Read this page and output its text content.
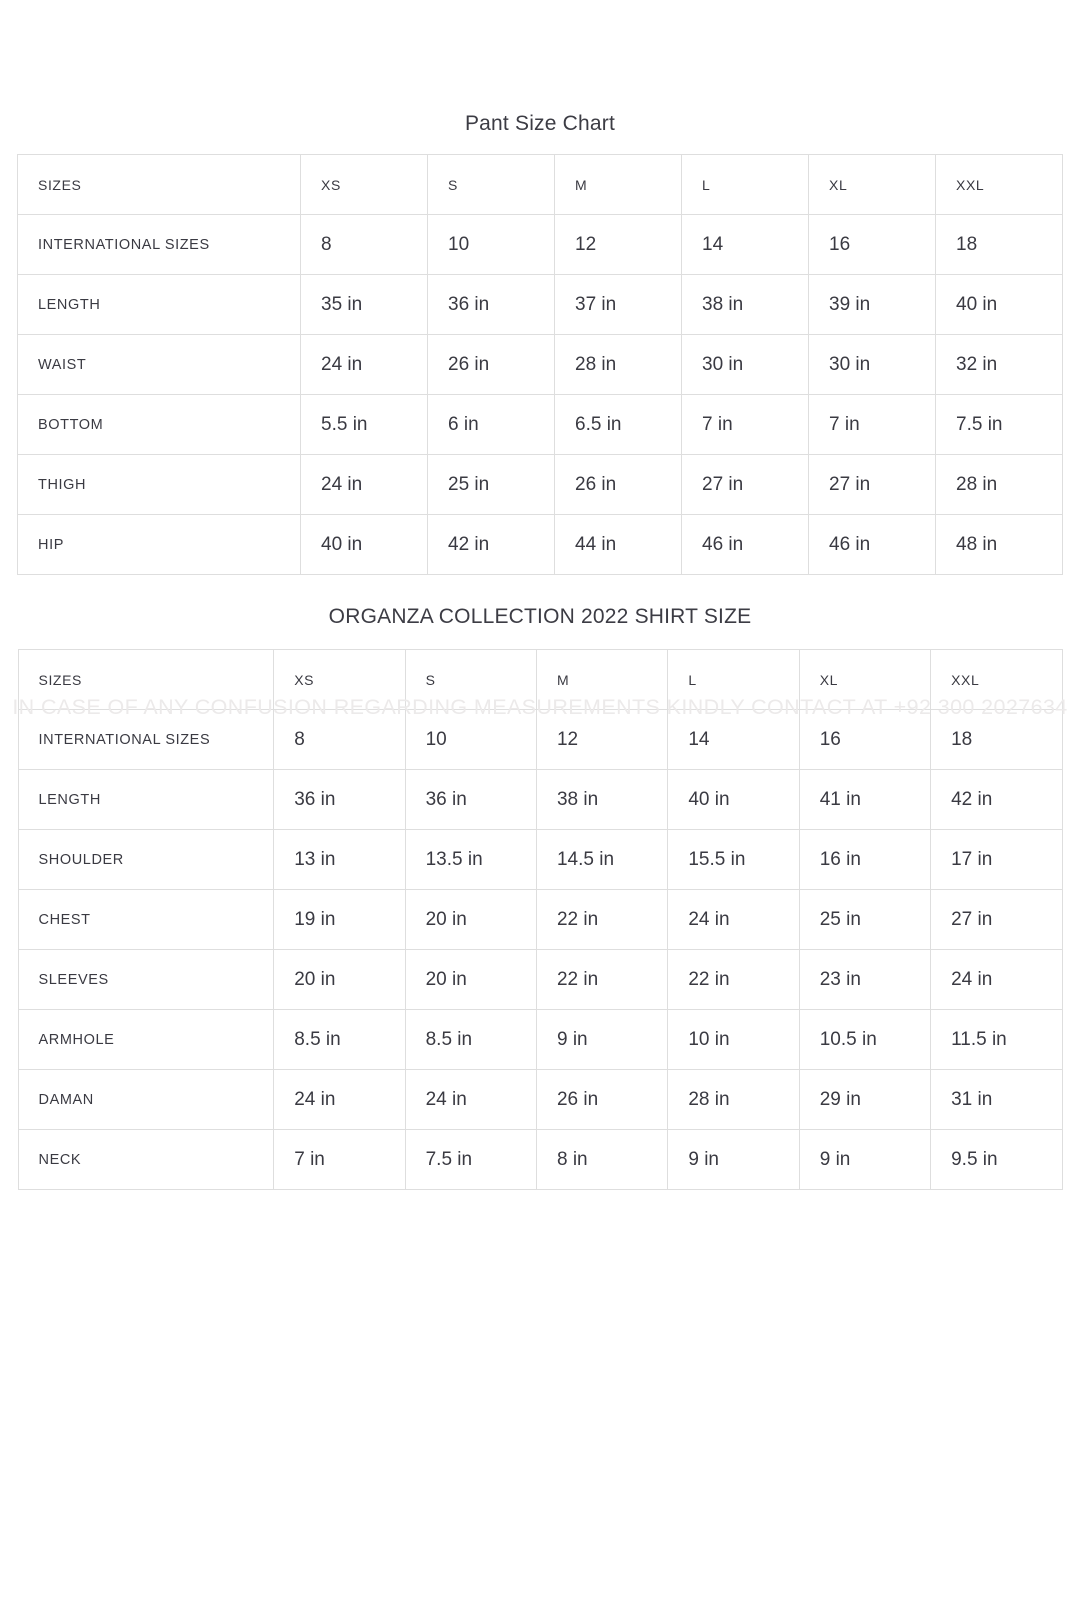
Pant Size Chart
SIZES	XS	S	M	L	XL	XXL
INTERNATIONAL SIZES	8	10	12	14	16	18
LENGTH	35 in	36 in	37 in	38 in	39 in	40 in
WAIST	24 in	26 in	28 in	30 in	30 in	32 in
BOTTOM	5.5 in	6 in	6.5 in	7 in	7 in	7.5 in
THIGH	24 in	25 in	26 in	27 in	27 in	28 in
HIP	40 in	42 in	44 in	46 in	46 in	48 in
IN CASE OF ANY CONFUSION REGARDING MEASUREMENTS KINDLY CONTACT AT +92 300 2027634
ORGANZA COLLECTION 2022 SHIRT SIZE
SIZES	XS	S	M	L	XL	XXL
INTERNATIONAL SIZES	8	10	12	14	16	18
LENGTH	36 in	36 in	38 in	40 in	41 in	42 in
SHOULDER	13 in	13.5 in	14.5 in	15.5 in	16 in	17 in
CHEST	19 in	20 in	22 in	24 in	25 in	27 in
SLEEVES	20 in	20 in	22 in	22 in	23 in	24 in
ARMHOLE	8.5 in	8.5 in	9 in	10 in	10.5 in	11.5 in
DAMAN	24 in	24 in	26 in	28 in	29 in	31 in
NECK	7 in	7.5 in	8 in	9 in	9 in	9.5 in
